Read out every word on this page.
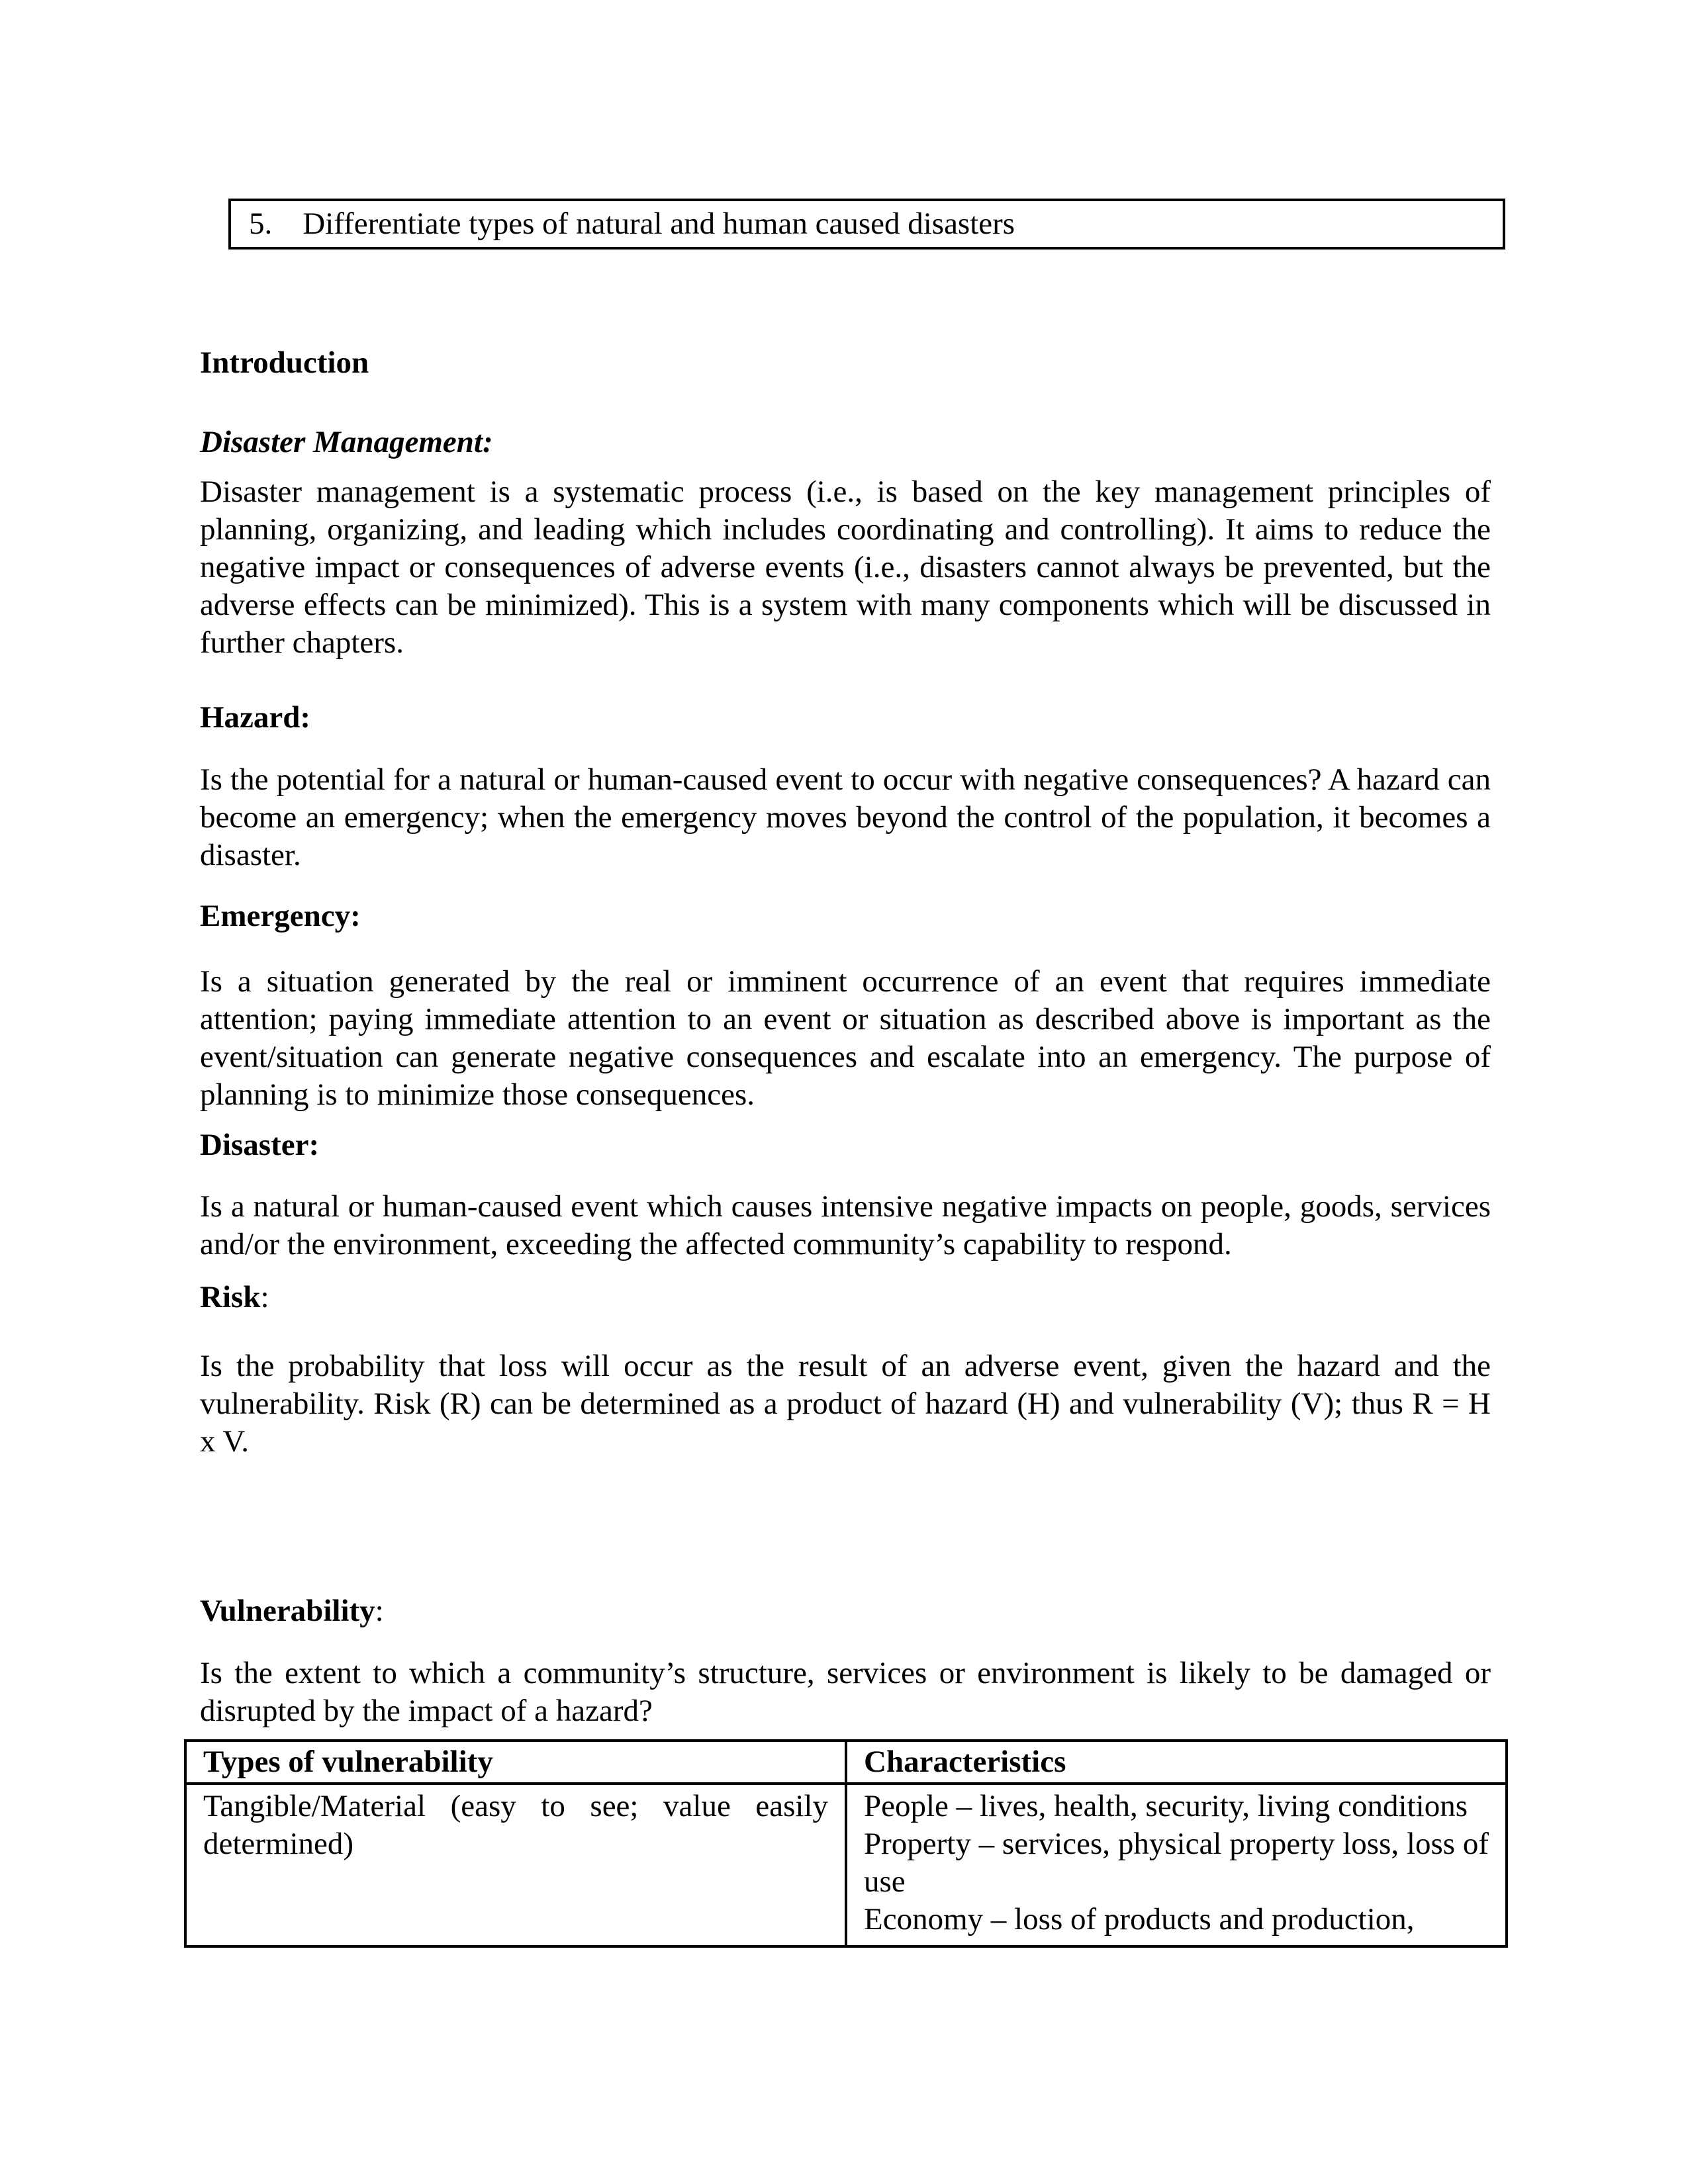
5. Differentiate types of natural and human caused disasters
Introduction
Disaster Management:

Disaster management is a systematic process (i.e., is based on the key management principles of planning, organizing, and leading which includes coordinating and controlling). It aims to reduce the negative impact or consequences of adverse events (i.e., disasters cannot always be prevented, but the adverse effects can be minimized). This is a system with many components which will be discussed in further chapters.

Hazard:

Is the potential for a natural or human-caused event to occur with negative consequences? A hazard can become an emergency; when the emergency moves beyond the control of the population, it becomes a disaster.

Emergency:

Is a situation generated by the real or imminent occurrence of an event that requires immediate attention; paying immediate attention to an event or situation as described above is important as the event/situation can generate negative consequences and escalate into an emergency. The purpose of planning is to minimize those consequences.

Disaster:

Is a natural or human-caused event which causes intensive negative impacts on people, goods, services and/or the environment, exceeding the affected community’s capability to respond.

Risk:

Is the probability that loss will occur as the result of an adverse event, given the hazard and the vulnerability. Risk (R) can be determined as a product of hazard (H) and vulnerability (V); thus R = H x V.

Vulnerability:

Is the extent to which a community’s structure, services or environment is likely to be damaged or disrupted by the impact of a hazard?

Types of vulnerability	Characteristics

Tangible/Material (easy to see; value easily determined)	People – lives, health, security, living conditions

Property – services, physical property loss, loss of use

Economy – loss of products and production,
